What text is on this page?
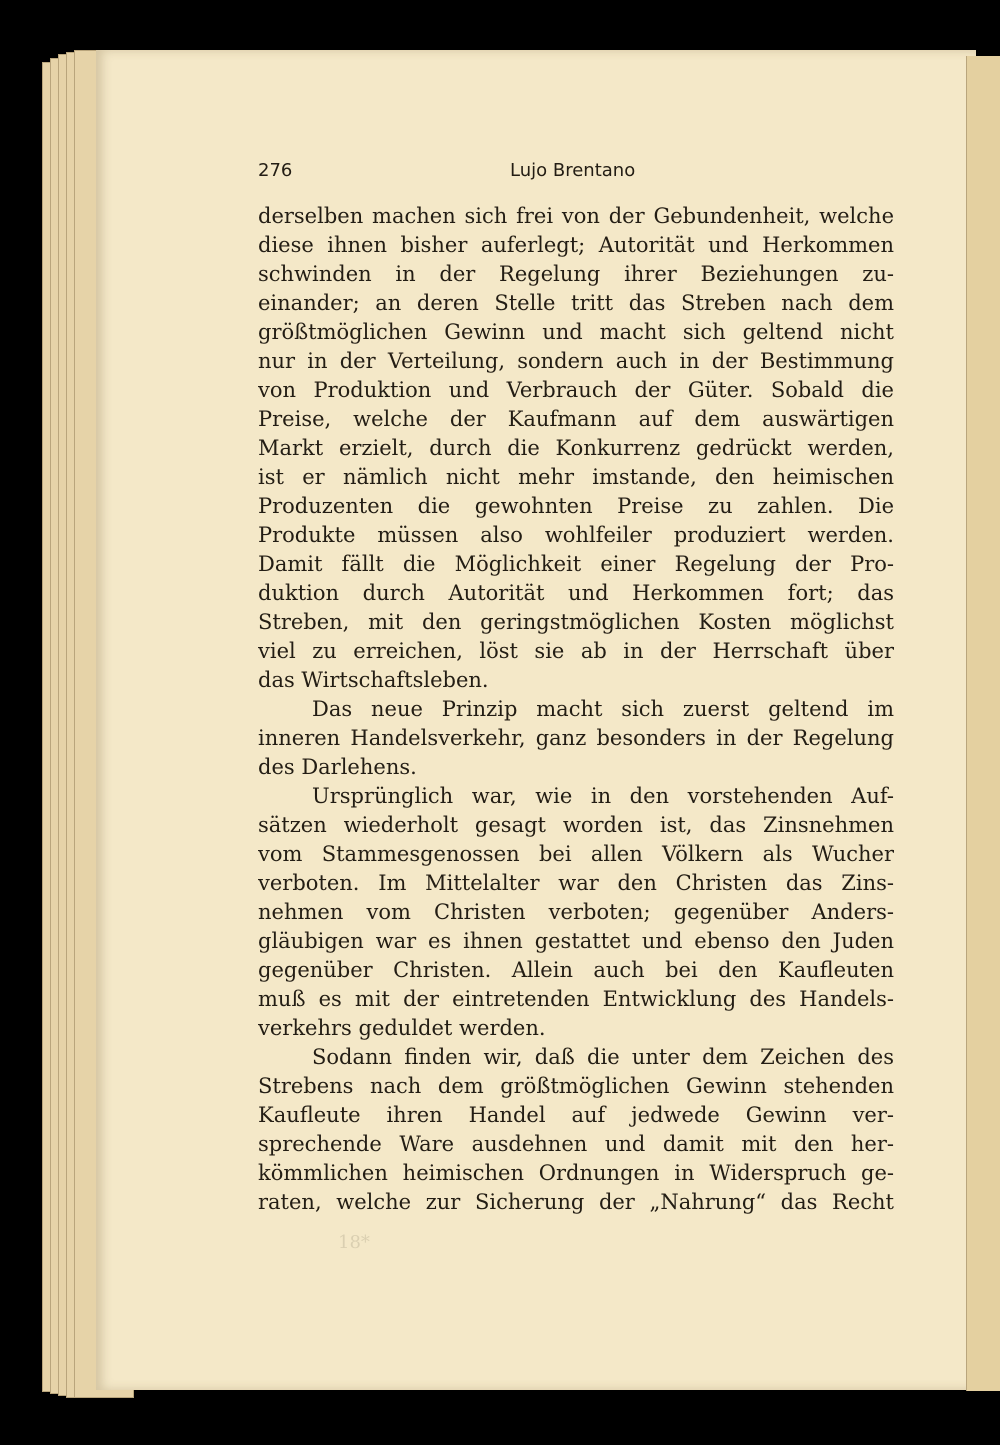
276	Lujo Brentano
derselben machen sich frei von der Gebundenheit, welche
diese ihnen bisher auferlegt; Autorität und Herkommen
schwinden in der Regelung ihrer Beziehungen zu-
einander; an deren Stelle tritt das Streben nach dem
größtmöglichen Gewinn und macht sich geltend nicht
nur in der Verteilung, sondern auch in der Bestimmung
von Produktion und Verbrauch der Güter. Sobald die
Preise, welche der Kaufmann auf dem auswärtigen
Markt erzielt, durch die Konkurrenz gedrückt werden,
ist er nämlich nicht mehr imstande, den heimischen
Produzenten die gewohnten Preise zu zahlen. Die
Produkte müssen also wohlfeiler produziert werden.
Damit fällt die Möglichkeit einer Regelung der Pro-
duktion durch Autorität und Herkommen fort; das
Streben, mit den geringstmöglichen Kosten möglichst
viel zu erreichen, löst sie ab in der Herrschaft über
das Wirtschaftsleben.
Das neue Prinzip macht sich zuerst geltend im
inneren Handelsverkehr, ganz besonders in der Regelung
des Darlehens.
Ursprünglich war, wie in den vorstehenden Auf-
sätzen wiederholt gesagt worden ist, das Zinsnehmen
vom Stammesgenossen bei allen Völkern als Wucher
verboten. Im Mittelalter war den Christen das Zins-
nehmen vom Christen verboten; gegenüber Anders-
gläubigen war es ihnen gestattet und ebenso den Juden
gegenüber Christen. Allein auch bei den Kaufleuten
muß es mit der eintretenden Entwicklung des Handels-
verkehrs geduldet werden.
Sodann finden wir, daß die unter dem Zeichen des
Strebens nach dem größtmöglichen Gewinn stehenden
Kaufleute ihren Handel auf jedwede Gewinn ver-
sprechende Ware ausdehnen und damit mit den her-
kömmlichen heimischen Ordnungen in Widerspruch ge-
raten, welche zur Sicherung der „Nahrung“ das Recht
18*
